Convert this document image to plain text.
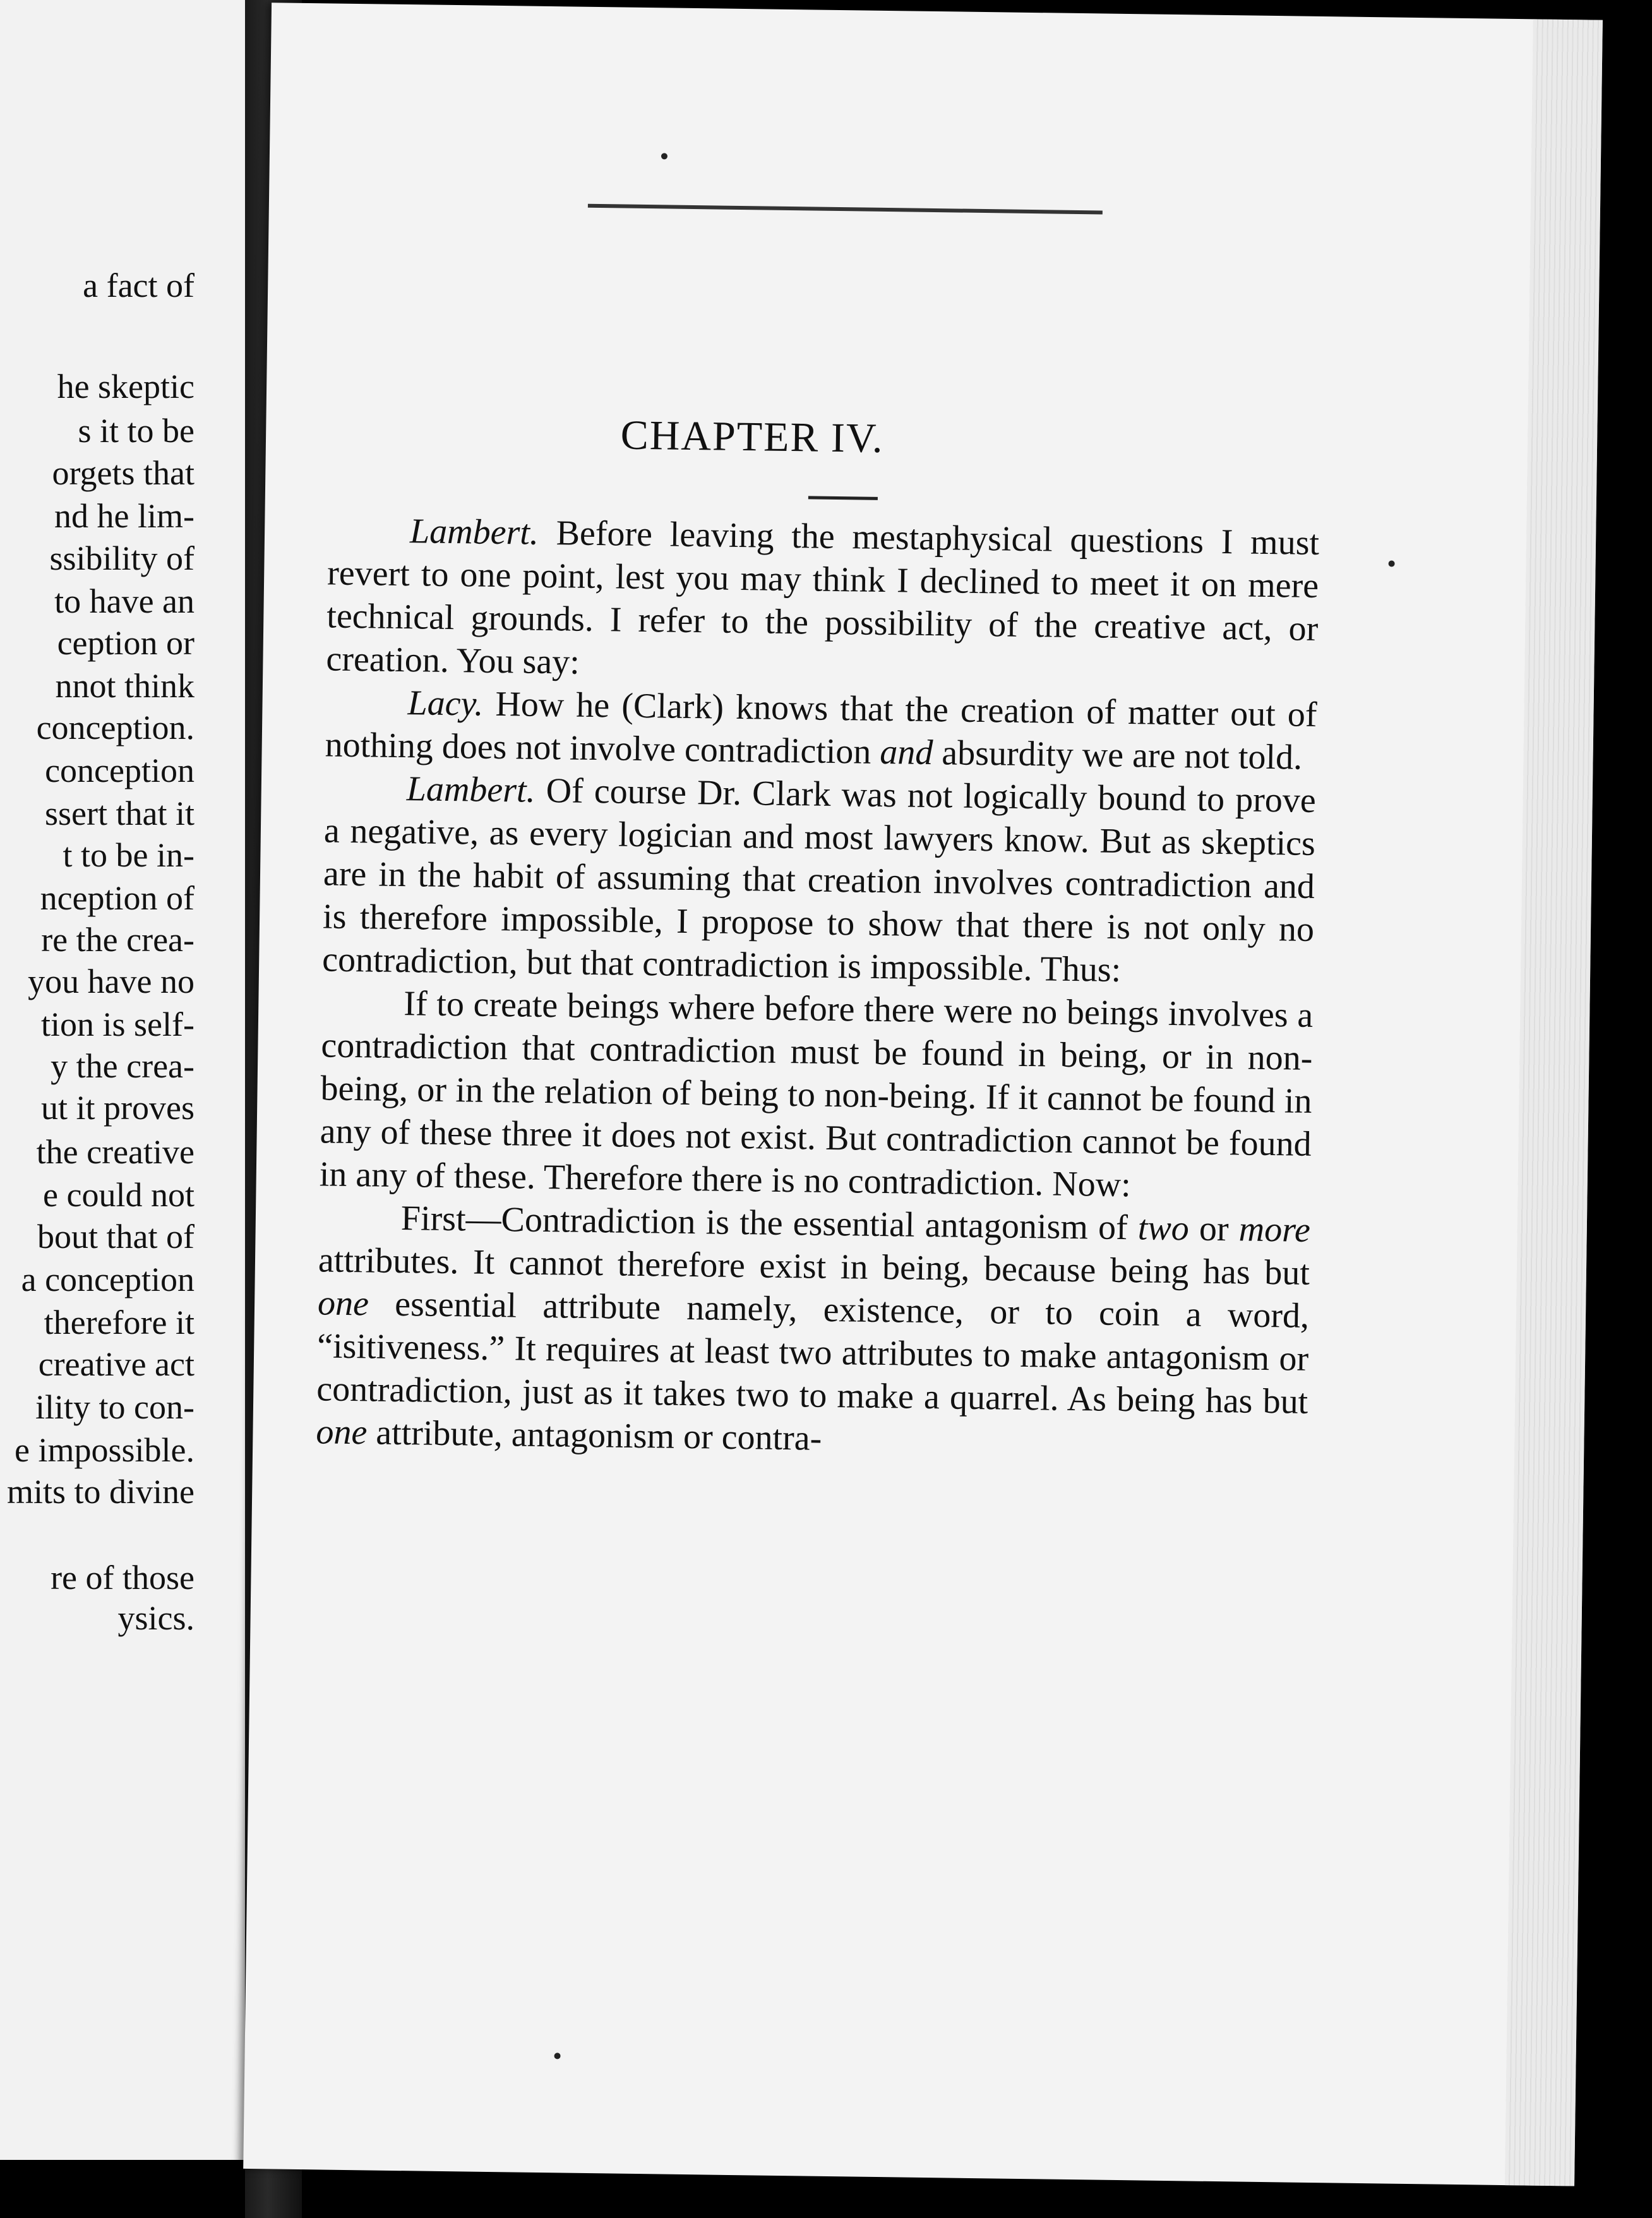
a fact of
he skeptic
s it to be
orgets that
nd he lim-
ssibility of
to have an
ception or
nnot think
conception.
conception
ssert that it
t to be in-
nception of
re the crea-
you have no
tion is self-
y the crea-
ut it proves
the creative
e could not
bout that of
a conception
therefore it
creative act
ility to con-
e impossible.
mits to divine
re of those
ysics.
CHAPTER IV.

Lambert. Before leaving the mestaphysical questions I must revert to one point, lest you may think I declined to meet it on mere technical grounds. I refer to the possibility of the creative act, or creation. You say:

Lacy. How he (Clark) knows that the creation of matter out of nothing does not involve contradiction and absurdity we are not told.

Lambert. Of course Dr. Clark was not logically bound to prove a negative, as every logician and most lawyers know. But as skeptics are in the habit of assuming that creation involves contradiction and is therefore impossible, I propose to show that there is not only no contradiction, but that contradiction is impossible. Thus:

If to create beings where before there were no beings involves a contradiction that contradiction must be found in being, or in non-being, or in the relation of being to non-being. If it cannot be found in any of these three it does not exist. But contradiction cannot be found in any of these. Therefore there is no contradiction. Now:

First—Contradiction is the essential antagonism of two or more attributes. It cannot therefore exist in being, because being has but one essential attribute namely, existence, or to coin a word, “isitiveness.” It requires at least two attributes to make antagonism or contradiction, just as it takes two to make a quarrel. As being has but one attribute, antagonism or contra-
